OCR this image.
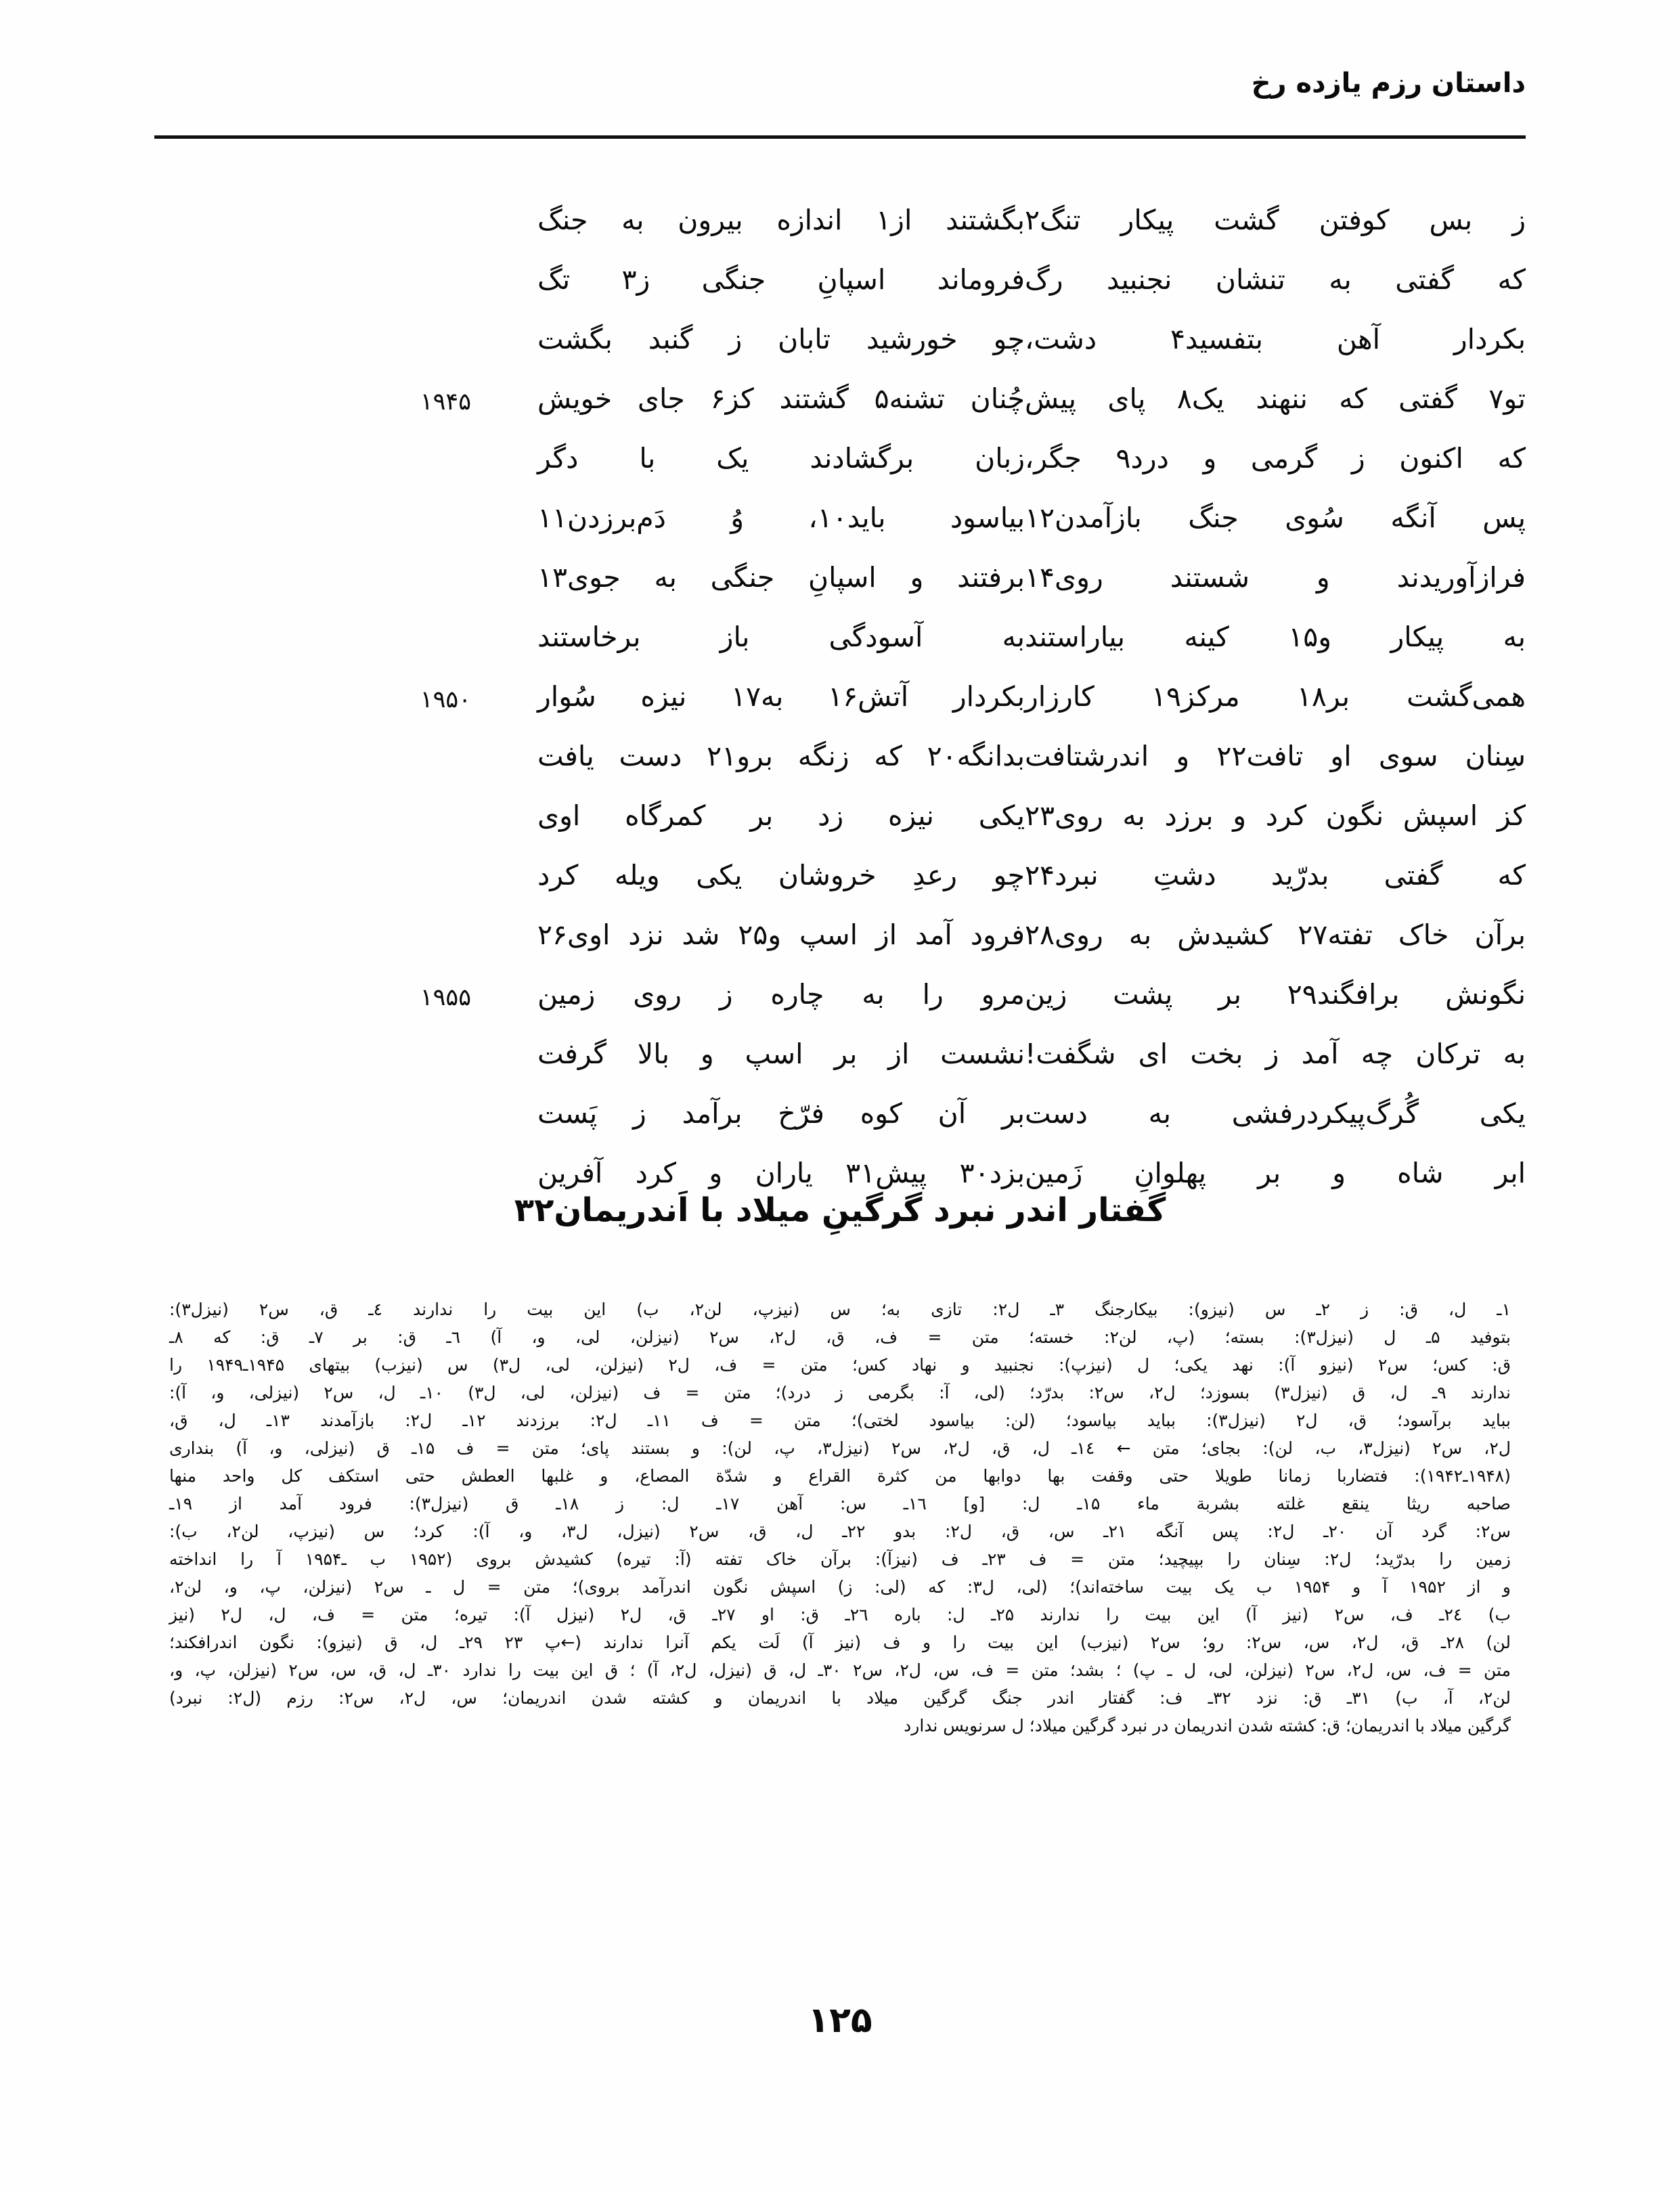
داستان رزم یازده رخ
ز بس کوفتن گشت پیکار تنگ۲
بگشتند از۱ اندازه بیرون به جنگ
که گفتی به تنشان نجنبید رگ
فروماند اسپانِ جنگی ز۳ تگ
بکردار آهن بتفسید۴ دشت،
چو خورشید تابان ز گنبد بگشت
تو۷ گفتی که ننهند یک۸ پای پیش
چُنان تشنه۵ گشتند کز۶ جای خویش
۱۹۴۵
که اکنون ز گرمی و درد۹ جگر،
زبان برگشادند یک با دگر
پس آنگه سُوی جنگ بازآمدن۱۲
بیاسود باید۱۰، وُ دَم‌برزدن۱۱
فرازآوریدند و شستند روی۱۴
برفتند و اسپانِ جنگی به جوی۱۳
به پیکار و۱۵ کینه بیاراستند
به آسودگی باز برخاستند
همی‌گشت بر۱۸ مرکز۱۹ کارزار
بکردار آتش۱۶ به۱۷ نیزه سُوار
۱۹۵۰
سِنان سوی او تافت۲۲ و اندرشتافت
بدانگه۲۰ که زنگه برو۲۱ دست یافت
کز اسپش نگون کرد و برزد به روی۲۳
یکی نیزه زد بر کمرگاه اوی
که گفتی بدرّید دشتِ نبرد۲۴
چو رعدِ خروشان یکی ویله کرد
برآن خاک تفته۲۷ کشیدش به روی۲۸
فرود آمد از اسپ و۲۵ شد نزد اوی۲۶
نگونش برافگند۲۹ بر پشت زین
مرو را به چاره ز روی زمین
۱۹۵۵
به ترکان چه آمد ز بخت ای شگفت!
نشست از بر اسپ و بالا گرفت
یکی گُرگ‌پیکردرفشی به دست
بر آن کوه فرّخ برآمد ز پَست
ابر شاه و بر پهلوانِ زَمین
بزد۳۰ پیش۳۱ یاران و کرد آفرین
گفتار اندر نبرد گرگینِ میلاد با اَندریمان۳۲
۱ـ ل، ق: ز ۲ـ س (نیزو): بیکارجنگ ۳ـ ل۲: تازی به؛ س (نیزپ، لن۲، ب) این بیت را ندارند ٤ـ ق، س۲ (نیزل۳):
بتوفید ۵ـ ل (نیزل۳): بسته؛ (پ، لن۲: خسته؛ متن = ف، ق، ل۲، س۲ (نیزلن، لی، و، آ) ٦ـ ق: بر ۷ـ ق: که ۸ـ
ق: کس؛ س۲ (نیزو آ): نهد یکی؛ ل (نیزپ): نجنبید و نهاد کس؛ متن = ف، ل۲ (نیزلن، لی، ل۳) س (نیزب) بیتهای ۱۹۴۵ـ۱۹۴۹ را
ندارند ۹ـ ل، ق (نیزل۳) بسوزد؛ ل۲، س۲: بدرّد؛ (لی، آ: بگرمی ز درد)؛ متن = ف (نیزلن، لی، ل۳) ۱۰ـ ل، س۲ (نیزلی، و، آ):
بباید برآسود؛ ق، ل۲ (نیزل۳): بباید بیاسود؛ (لن: بیاسود لختی)؛ متن = ف ۱۱ـ ل۲: برزدند ۱۲ـ ل۲: بازآمدند ۱۳ـ ل، ق،
ل۲، س۲ (نیزل۳، ب، لن): بجای؛ متن ← ۱٤ـ ل، ق، ل۲، س۲ (نیزل۳، پ، لن): و بستند پای؛ متن = ف ۱۵ـ ق (نیزلی، و، آ) بنداری
(۱۹۴۸ـ۱۹۴۲): فتضاربا زمانا طویلا حتی وقفت بها دوابها من کثرة القراع و شدّة المصاع، و غلبها العطش حتی استکف کل واحد منها
صاحبه ریثا ینقع غلته بشربة ماء ۱۵ـ ل: [و] ۱٦ـ س: آهن ۱۷ـ ل: ز ۱۸ـ ق (نیزل۳): فرود آمد از ۱۹ـ
س۲: گرد آن ۲۰ـ ل۲: پس آنگه ۲۱ـ س، ق، ل۲: بدو ۲۲ـ ل، ق، س۲ (نیزل، ل۳، و، آ): کرد؛ س (نیزپ، لن۲، ب):
زمین را بدرّید؛ ل۲: سِنان را بپیچید؛ متن = ف ۲۳ـ ف (نیزآ): برآن خاک تفته (آ: تیره) کشیدش بروی (۱۹۵۲ ب ـ۱۹۵۴ آ را انداخته
و از ۱۹۵۲ آ و ۱۹۵۴ ب یک بیت ساخته‌اند)؛ (لی، ل۳: که (لی: ز) اسپش نگون اندرآمد بروی)؛ متن = ل ـ س۲ (نیزلن، پ، و، لن۲،
ب) ۲٤ـ ف، س۲ (نیز آ) این بیت را ندارند ۲۵ـ ل: باره ۲٦ـ ق: او ۲۷ـ ق، ل۲ (نیزل آ): تیره؛ متن = ف، ل، ل۲ (نیز
لن) ۲۸ـ ق، ل۲، س، س۲: رو؛ س۲ (نیزب) این بیت را و ف (نیز آ) لَت یکم آنرا ندارند (←پ ۲۳ ۲۹ـ ل، ق (نیزو): نگون اندرافکند؛
متن = ف، س، ل۲، س۲ (نیزلن، لی، ل ـ پ) ؛ بشد؛ متن = ف، س، ل۲، س۲ ۳۰ـ ل، ق (نیزل، ل۲، آ) ؛ ق این بیت را ندارد ۳۰ـ ل، ق، س، س۲ (نیزلن، پ، و،
لن۲، آ، ب) ۳۱ـ ق: نزد ۳۲ـ ف: گفتار اندر جنگ گرگین میلاد با اندریمان و کشته شدن اندریمان؛ س، ل۲، س۲: رزم (ل۲: نبرد)
گرگین میلاد با اندریمان؛ ق: کشته شدن اندریمان در نبرد گرگین میلاد؛ ل سرنویس ندارد
۱۲۵
